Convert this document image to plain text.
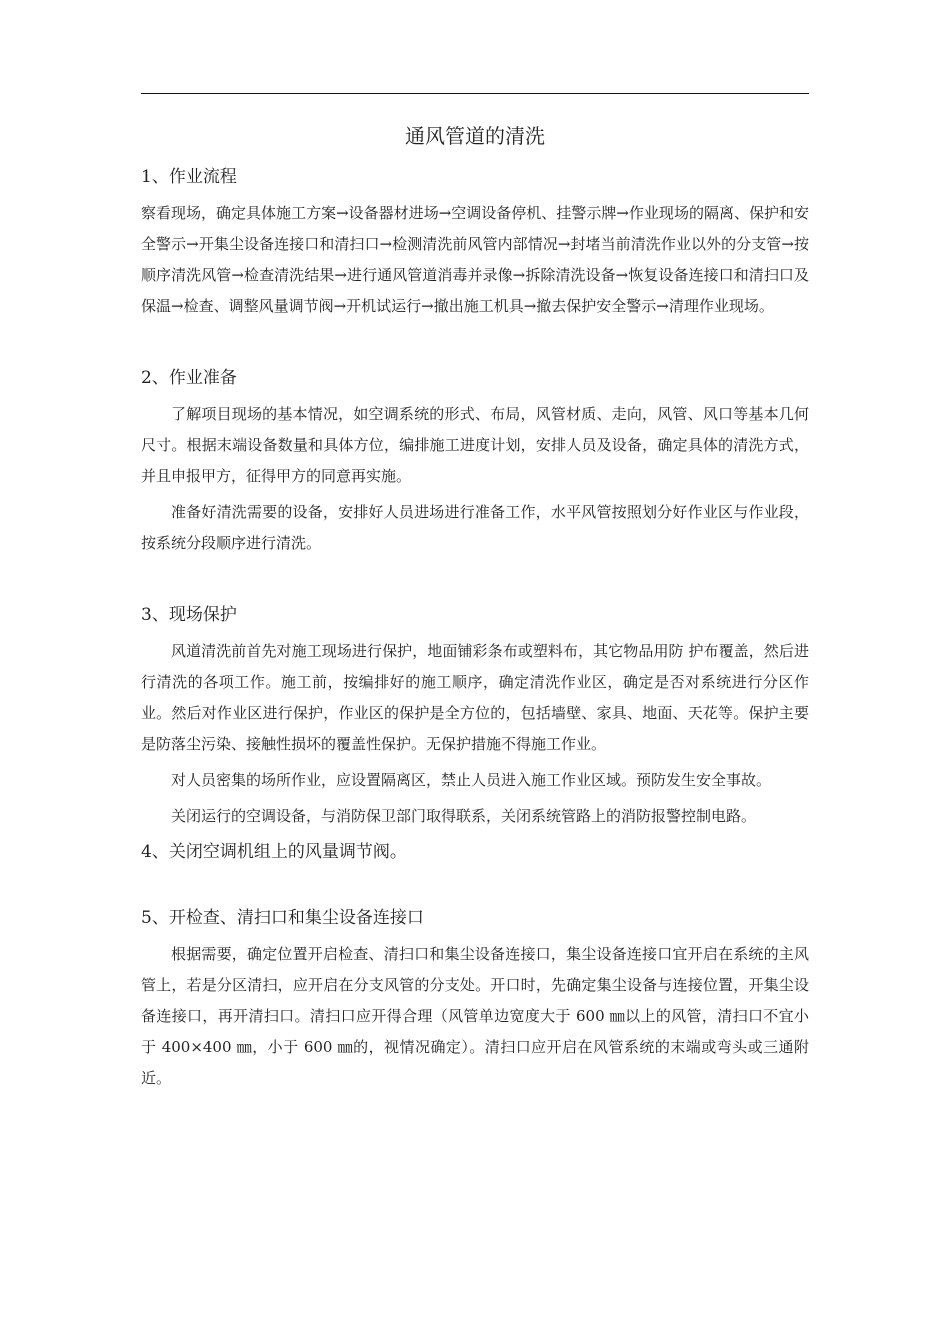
通风管道的清洗
1、作业流程

察看现场，确定具体施工方案→设备器材进场→空调设备停机、挂警示牌→作业现场的隔离、保护和安全警示→开集尘设备连接口和清扫口→检测清洗前风管内部情况→封堵当前清洗作业以外的分支管→按顺序清洗风管→检查清洗结果→进行通风管道消毒并录像→拆除清洗设备→恢复设备连接口和清扫口及保温→检查、调整风量调节阀→开机试运行→撤出施工机具→撤去保护安全警示→清理作业现场。

2、作业准备

了解项目现场的基本情况，如空调系统的形式、布局，风管材质、走向，风管、风口等基本几何尺寸。根据末端设备数量和具体方位，编排施工进度计划，安排人员及设备，确定具体的清洗方式，并且申报甲方，征得甲方的同意再实施。

准备好清洗需要的设备，安排好人员进场进行准备工作，水平风管按照划分好作业区与作业段，按系统分段顺序进行清洗。

3、现场保护

风道清洗前首先对施工现场进行保护，地面铺彩条布或塑料布，其它物品用防 护布覆盖，然后进行清洗的各项工作。施工前，按编排好的施工顺序，确定清洗作业区，确定是否对系统进行分区作业。然后对作业区进行保护，作业区的保护是全方位的，包括墙壁、家具、地面、天花等。保护主要是防落尘污染、接触性损坏的覆盖性保护。无保护措施不得施工作业。

对人员密集的场所作业，应设置隔离区，禁止人员进入施工作业区域。预防发生安全事故。

关闭运行的空调设备，与消防保卫部门取得联系，关闭系统管路上的消防报警控制电路。

4、关闭空调机组上的风量调节阀。
5、开检查、清扫口和集尘设备连接口

根据需要，确定位置开启检查、清扫口和集尘设备连接口，集尘设备连接口宜开启在系统的主风管上，若是分区清扫，应开启在分支风管的分支处。开口时，先确定集尘设备与连接位置，开集尘设备连接口，再开清扫口。清扫口应开得合理（风管单边宽度大于 600 ㎜以上的风管，清扫口不宜小于 400×400 ㎜，小于 600 ㎜的，视情况确定）。清扫口应开启在风管系统的末端或弯头或三通附近。
